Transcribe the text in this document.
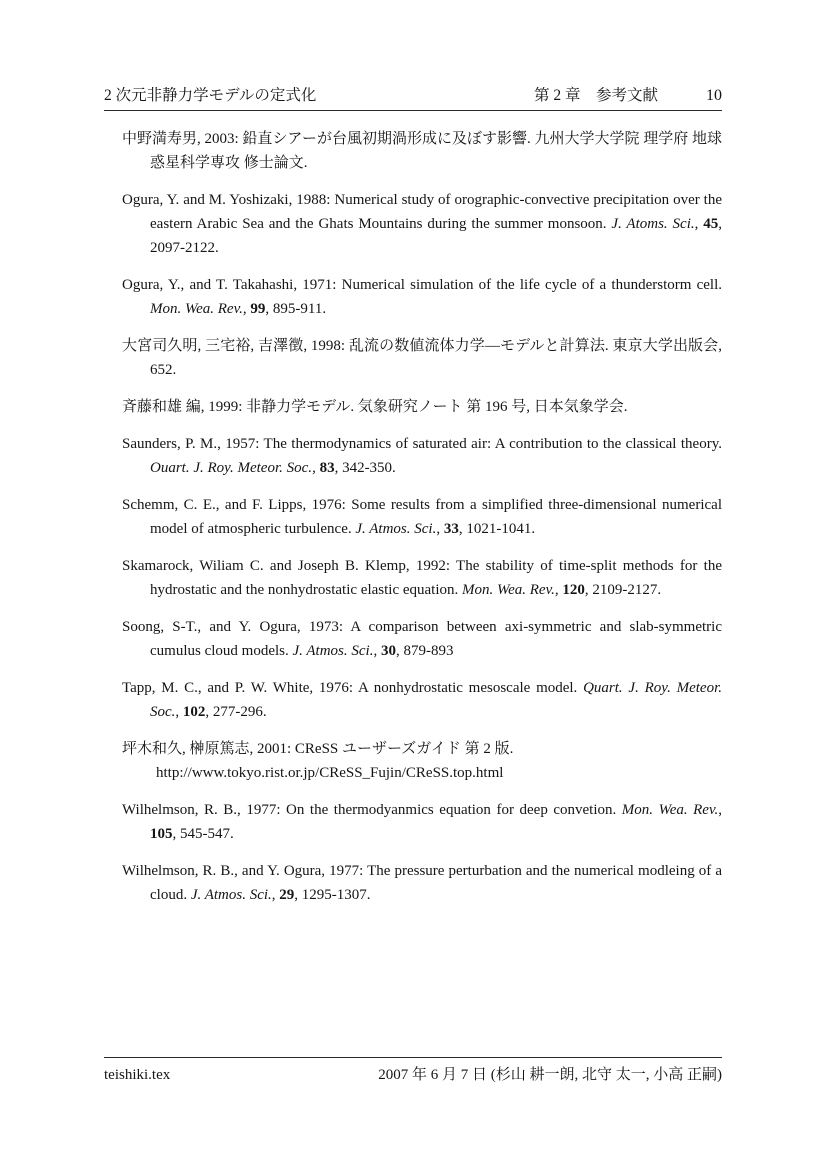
2 次元非静力学モデルの定式化	第 2 章　参考文献	10

中野満寿男, 2003: 鉛直シアーが台風初期渦形成に及ぼす影響. 九州大学大学院 理学府 地球惑星科学専攻 修士論文.

Ogura, Y. and M. Yoshizaki, 1988: Numerical study of orographic-convective precipitation over the eastern Arabic Sea and the Ghats Mountains during the summer monsoon. J. Atoms. Sci., 45, 2097-2122.

Ogura, Y., and T. Takahashi, 1971: Numerical simulation of the life cycle of a thunderstorm cell. Mon. Wea. Rev., 99, 895-911.

大宮司久明, 三宅裕, 吉澤徴, 1998: 乱流の数値流体力学—モデルと計算法. 東京大学出版会, 652.

斉藤和雄 編, 1999: 非静力学モデル. 気象研究ノート 第 196 号, 日本気象学会.

Saunders, P. M., 1957: The thermodynamics of saturated air: A contribution to the classical theory. Ouart. J. Roy. Meteor. Soc., 83, 342-350.

Schemm, C. E., and F. Lipps, 1976: Some results from a simplified three-dimensional numerical model of atmospheric turbulence. J. Atmos. Sci., 33, 1021-1041.

Skamarock, Wiliam C. and Joseph B. Klemp, 1992: The stability of time-split methods for the hydrostatic and the nonhydrostatic elastic equation. Mon. Wea. Rev., 120, 2109-2127.

Soong, S-T., and Y. Ogura, 1973: A comparison between axi-symmetric and slab-symmetric cumulus cloud models. J. Atmos. Sci., 30, 879-893

Tapp, M. C., and P. W. White, 1976: A nonhydrostatic mesoscale model. Quart. J. Roy. Meteor. Soc., 102, 277-296.

坪木和久, 榊原篤志, 2001: CReSS ユーザーズガイド 第 2 版.
http://www.tokyo.rist.or.jp/CReSS_Fujin/CReSS.top.html

Wilhelmson, R. B., 1977: On the thermodyanmics equation for deep convetion. Mon. Wea. Rev., 105, 545-547.

Wilhelmson, R. B., and Y. Ogura, 1977: The pressure perturbation and the numerical modleing of a cloud. J. Atmos. Sci., 29, 1295-1307.

teishiki.tex	2007 年 6 月 7 日 (杉山 耕一朗, 北守 太一, 小高 正嗣)
